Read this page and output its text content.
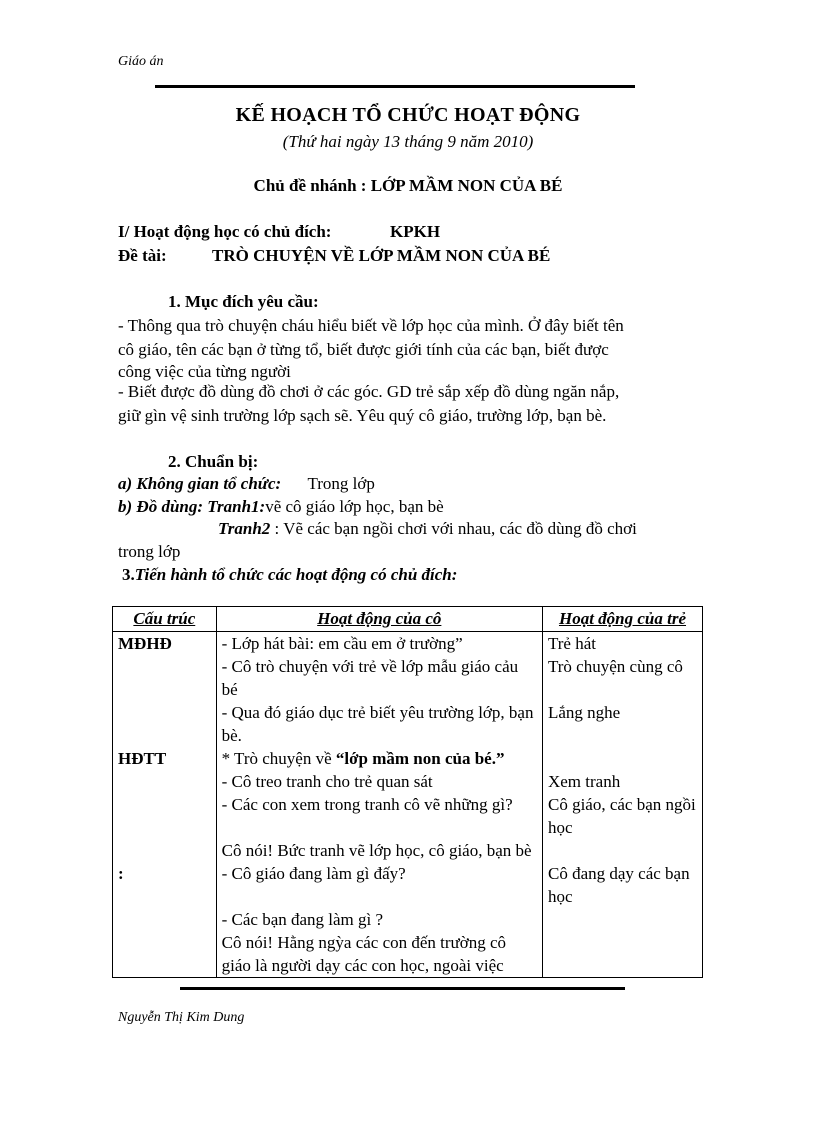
Giáo án
KẾ HOẠCH TỔ CHỨC HOẠT ĐỘNG
(Thứ hai ngày 13 tháng 9 năm 2010)
Chủ đề nhánh : LỚP MẦM NON CỦA BÉ
I/ Hoạt động học có chủ đích:	KPKH
Đề tài:	TRÒ CHUYỆN VỀ LỚP MẦM NON CỦA BÉ
1. Mục đích yêu cầu:
- Thông qua trò chuyện cháu hiểu biết về lớp học của mình. Ở đây biết tên
cô giáo, tên các bạn ở từng tổ, biết được giới tính của các bạn, biết được
công việc của từng người
- Biết được đồ dùng đồ chơi ở các góc. GD trẻ sắp xếp đồ dùng ngăn nắp,
giữ gìn vệ sinh trường lớp sạch sẽ. Yêu quý cô giáo, trường lớp, bạn bè.
2. Chuẩn bị:
a) Không gian tổ chức: Trong lớp
b) Đồ dùng: Tranh1:vẽ cô giáo lớp học, bạn bè
Tranh2 : Vẽ các bạn ngồi chơi với nhau, các đồ dùng đồ chơi
trong lớp
3.Tiến hành tổ chức các hoạt động có chủ đích:
Cấu trúc	Hoạt động của cô	Hoạt động của trẻ
MĐHĐ	- Lớp hát bài: em cầu em ở trường”	Trẻ hát
	- Cô trò chuyện với trẻ về lớp mẫu giáo cảu bé	Trò chuyện cùng cô
	- Qua đó giáo dục trẻ biết yêu trường lớp, bạn bè.	Lắng nghe
HĐTT	* Trò chuyện về “lớp mầm non của bé.”	
	- Cô treo tranh cho trẻ quan sát	Xem tranh
	- Các con xem trong tranh cô vẽ những gì?	Cô giáo, các bạn ngồi học
	Cô nói! Bức tranh vẽ lớp học, cô giáo, bạn bè	
:	- Cô giáo đang làm gì đấy?	Cô đang dạy các bạn học
	- Các bạn đang làm gì ?	
	Cô nói! Hằng ngỳa các con đến trường cô giáo là người dạy các con học, ngoài việc	
Nguyễn Thị Kim Dung
